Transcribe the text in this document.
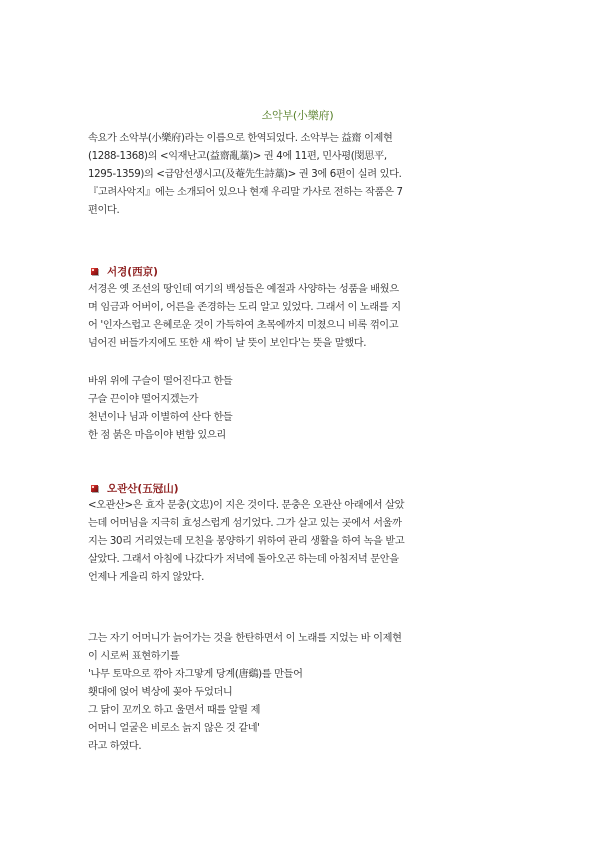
소악부(小樂府)
속요가 소악부(小樂府)라는 이름으로 한역되었다. 소악부는 益齋 이제현
(1288-1368)의 <익재난고(益齋亂藁)> 권 4에 11편, 민사평(閔思平,
1295-1359)의 <급암선생시고(及菴先生詩藁)> 권 3에 6편이 실려 있다.
『고려사악지』에는 소개되어 있으나 현재 우리말 가사로 전하는 작품은 7
편이다.
서경(西京)
서경은 옛 조선의 땅인데 여기의 백성들은 예절과 사양하는 성품을 배웠으
며 임금과 어버이, 어른을 존경하는 도리 알고 있었다. 그래서 이 노래를 지
어 '인자스럽고 은혜로운 것이 가득하여 초목에까지 미쳤으니 비록 꺾이고
넘어진 버들가지에도 또한 새 싹이 날 뜻이 보인다'는 뜻을 말했다.
바위 위에 구슬이 떨어진다고 한들
구슬 끈이야 떨어지겠는가
천년이나 님과 이별하여 산다 한들
한 점 붉은 마음이야 변함 있으리
오관산(五冠山)
<오관산>은 효자 문충(文忠)이 지은 것이다. 문충은 오관산 아래에서 살았
는데 어머님을 지극히 효성스럽게 섬기었다. 그가 살고 있는 곳에서 서울까
지는 30리 거리였는데 모친을 봉양하기 위하여 관리 생활을 하여 녹을 받고
살았다. 그래서 아침에 나갔다가 저녁에 돌아오곤 하는데 아침저녁 문안을
언제나 게을리 하지 않았다.
그는 자기 어머니가 늙어가는 것을 한탄하면서 이 노래를 지었는 바 이제현
이 시로써 표현하기를
'나무 토막으로 깎아 자그맣게 당계(唐鷄)를 만들어
횃대에 얹어 벽상에 꽂아 두었더니
그 닭이 꼬끼오 하고 울면서 때를 알릴 제
어머니 얼굴은 비로소 늙지 않은 것 같네'
라고 하였다.
